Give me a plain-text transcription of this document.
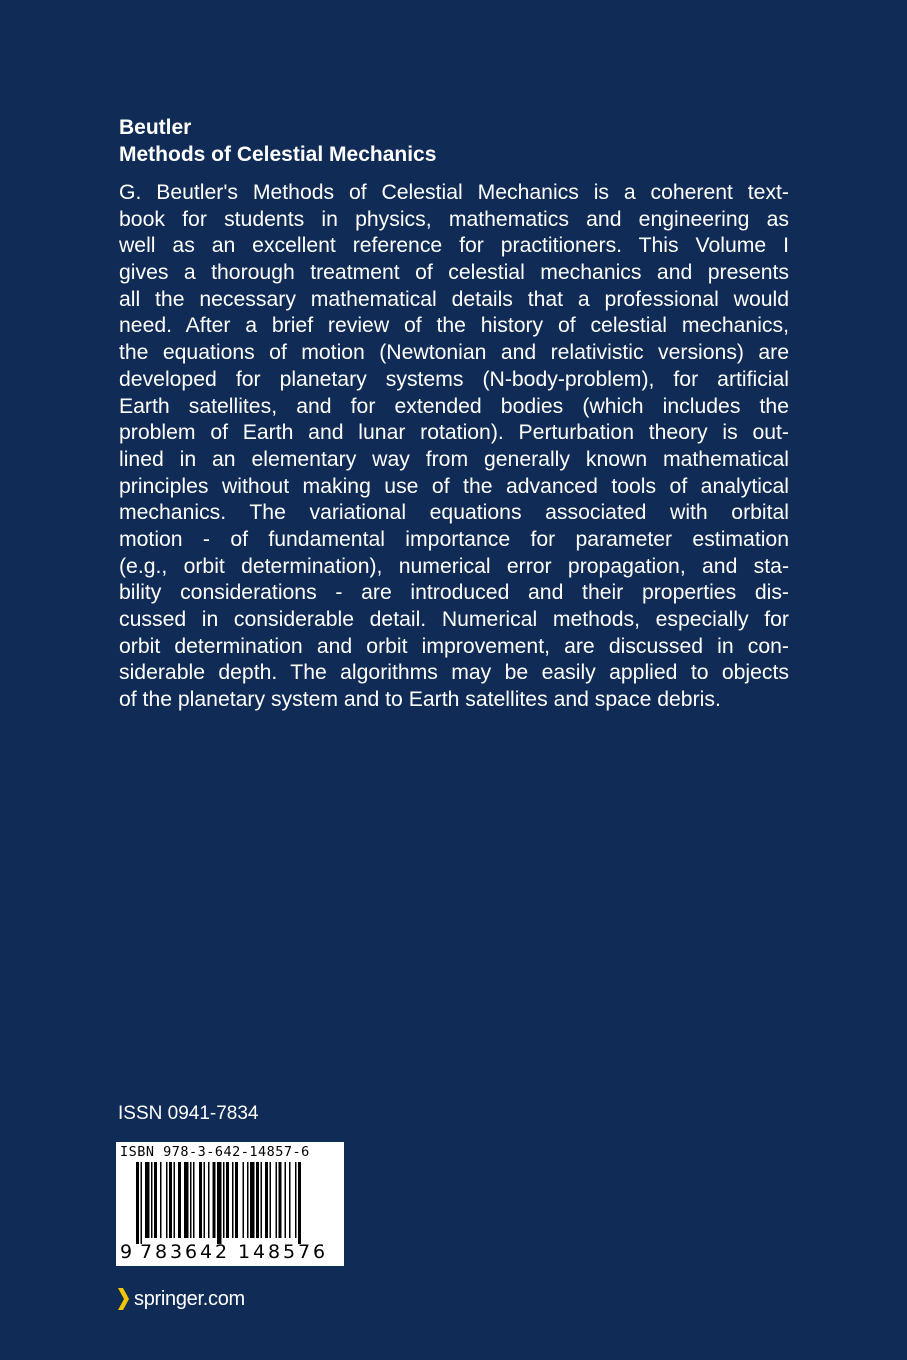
Beutler
Methods of Celestial Mechanics
G. Beutler's Methods of Celestial Mechanics is a coherent text-
book for students in physics, mathematics and engineering as
well as an excellent reference for practitioners. This Volume I
gives a thorough treatment of celestial mechanics and presents
all the necessary mathematical details that a professional would
need. After a brief review of the history of celestial mechanics,
the equations of motion (Newtonian and relativistic versions) are
developed for planetary systems (N-body-problem), for artificial
Earth satellites, and for extended bodies (which includes the
problem of Earth and lunar rotation). Perturbation theory is out-
lined in an elementary way from generally known mathematical
principles without making use of the advanced tools of analytical
mechanics. The variational equations associated with orbital
motion - of fundamental importance for parameter estimation
(e.g., orbit determination), numerical error propagation, and sta-
bility considerations - are introduced and their properties dis-
cussed in considerable detail. Numerical methods, especially for
orbit determination and orbit improvement, are discussed in con-
siderable depth. The algorithms may be easily applied to objects
of the planetary system and to Earth satellites and space debris.

ISSN 0941-7834

ISBN 978-3-642-14857-6
9 7 8 3 6 4 2 1 4 8 5 7 6
springer.com
